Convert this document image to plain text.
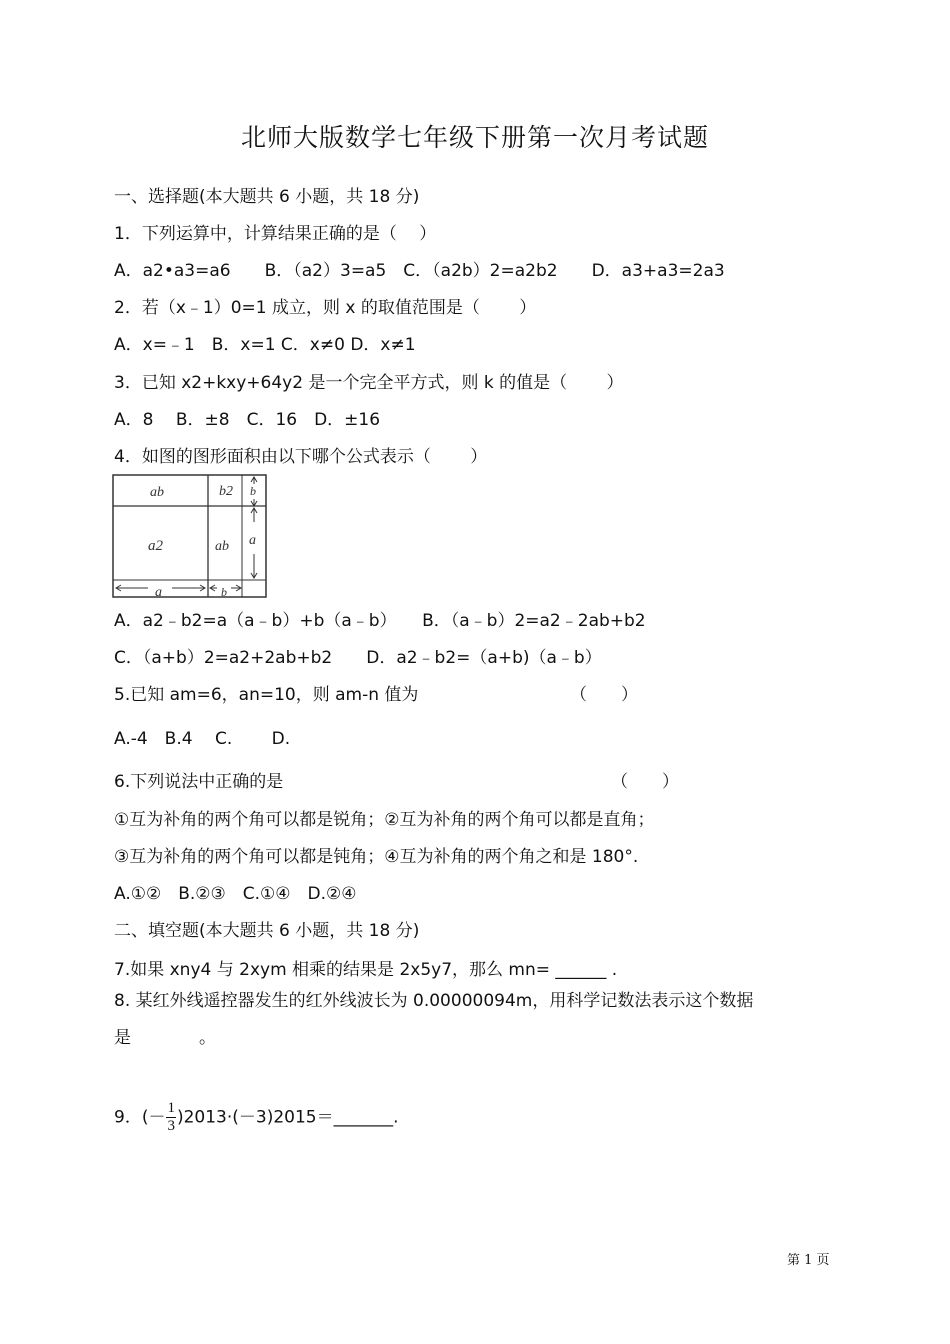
北师大版数学七年级下册第一次月考试题
一、选择题(本大题共 6 小题，共 18 分)
1．下列运算中，计算结果正确的是（　 ）
A．a2•a3=a6　　B．（a2）3=a5　C．（a2b）2=a2b2　　D．a3+a3=2a3
2．若（x﹣1）0=1 成立，则 x 的取值范围是（　　 ）
A．x=﹣1　B．x=1 C．x≠0 D．x≠1
3．已知 x2+kxy+64y2 是一个完全平方式，则 k 的值是（　　 ）
A．8　 B．±8　C．16　D．±16
4．如图的图形面积由以下哪个公式表示（　　 ）
ab	b2
a2	ab
b
a
a	b
A．a2﹣b2=a（a﹣b）+b（a﹣b）　　B．（a﹣b）2=a2﹣2ab+b2
C．（a+b）2=a2+2ab+b2　　D．a2﹣b2=（a+b)（a﹣b）
5.已知 am=6，an=10，则 am-n 值为	（　　）
A.-4　B.4　 C.　　 D.
6.下列说法中正确的是	（　　）
①互为补角的两个角可以都是锐角；②互为补角的两个角可以都是直角；
③互为补角的两个角可以都是钝角；④互为补角的两个角之和是 180°.
A.①②　B.②③　C.①④　D.②④
二、填空题(本大题共 6 小题，共 18 分)
7.如果 xny4 与 2xym 相乘的结果是 2x5y7，那么 mn= ______ .
8. 某红外线遥控器发生的红外线波长为 0.00000094m，用科学记数法表示这个数据
是　　　　。
9．(－ $\frac{1}{3}$ )2013·(－3)2015＝_______.
第 1 页
